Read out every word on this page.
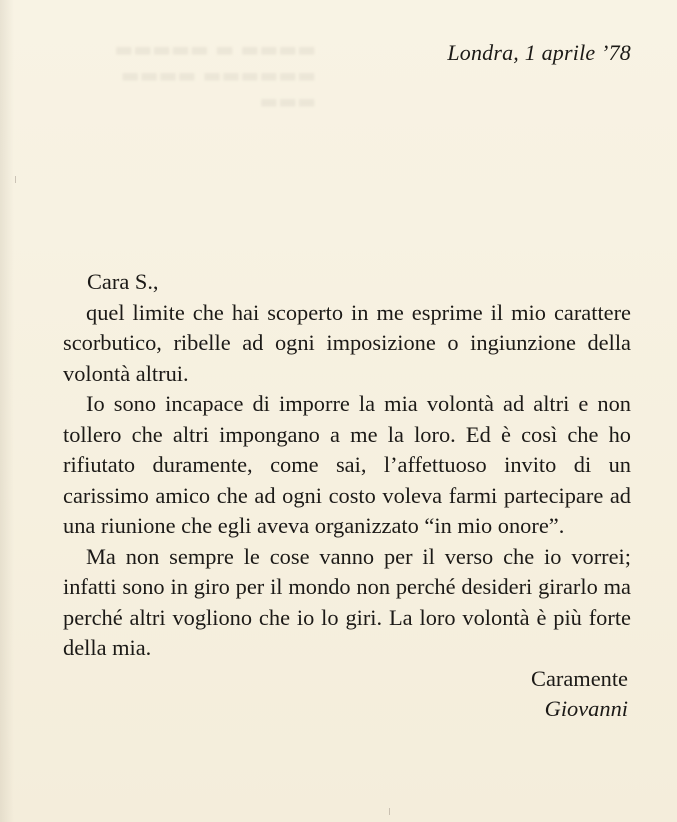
▬▬▬▬ ▬ ▬▬▬▬▬
▬▬▬▬▬▬ ▬▬▬▬
▬▬▬
Londra, 1 aprile ’78

Cara S.,

quel limite che hai scoperto in me esprime il mio carattere scorbutico, ribelle ad ogni imposizione o ingiunzione della volontà altrui.

Io sono incapace di imporre la mia volontà ad altri e non tollero che altri impongano a me la loro. Ed è così che ho rifiutato duramente, come sai, l’affettuoso invito di un carissimo amico che ad ogni costo voleva farmi partecipare ad una riunione che egli aveva organizzato “in mio onore”.

Ma non sempre le cose vanno per il verso che io vorrei; infatti sono in giro per il mondo non perché desideri girarlo ma perché altri vogliono che io lo giri. La loro volontà è più forte della mia.

Caramente

Giovanni
